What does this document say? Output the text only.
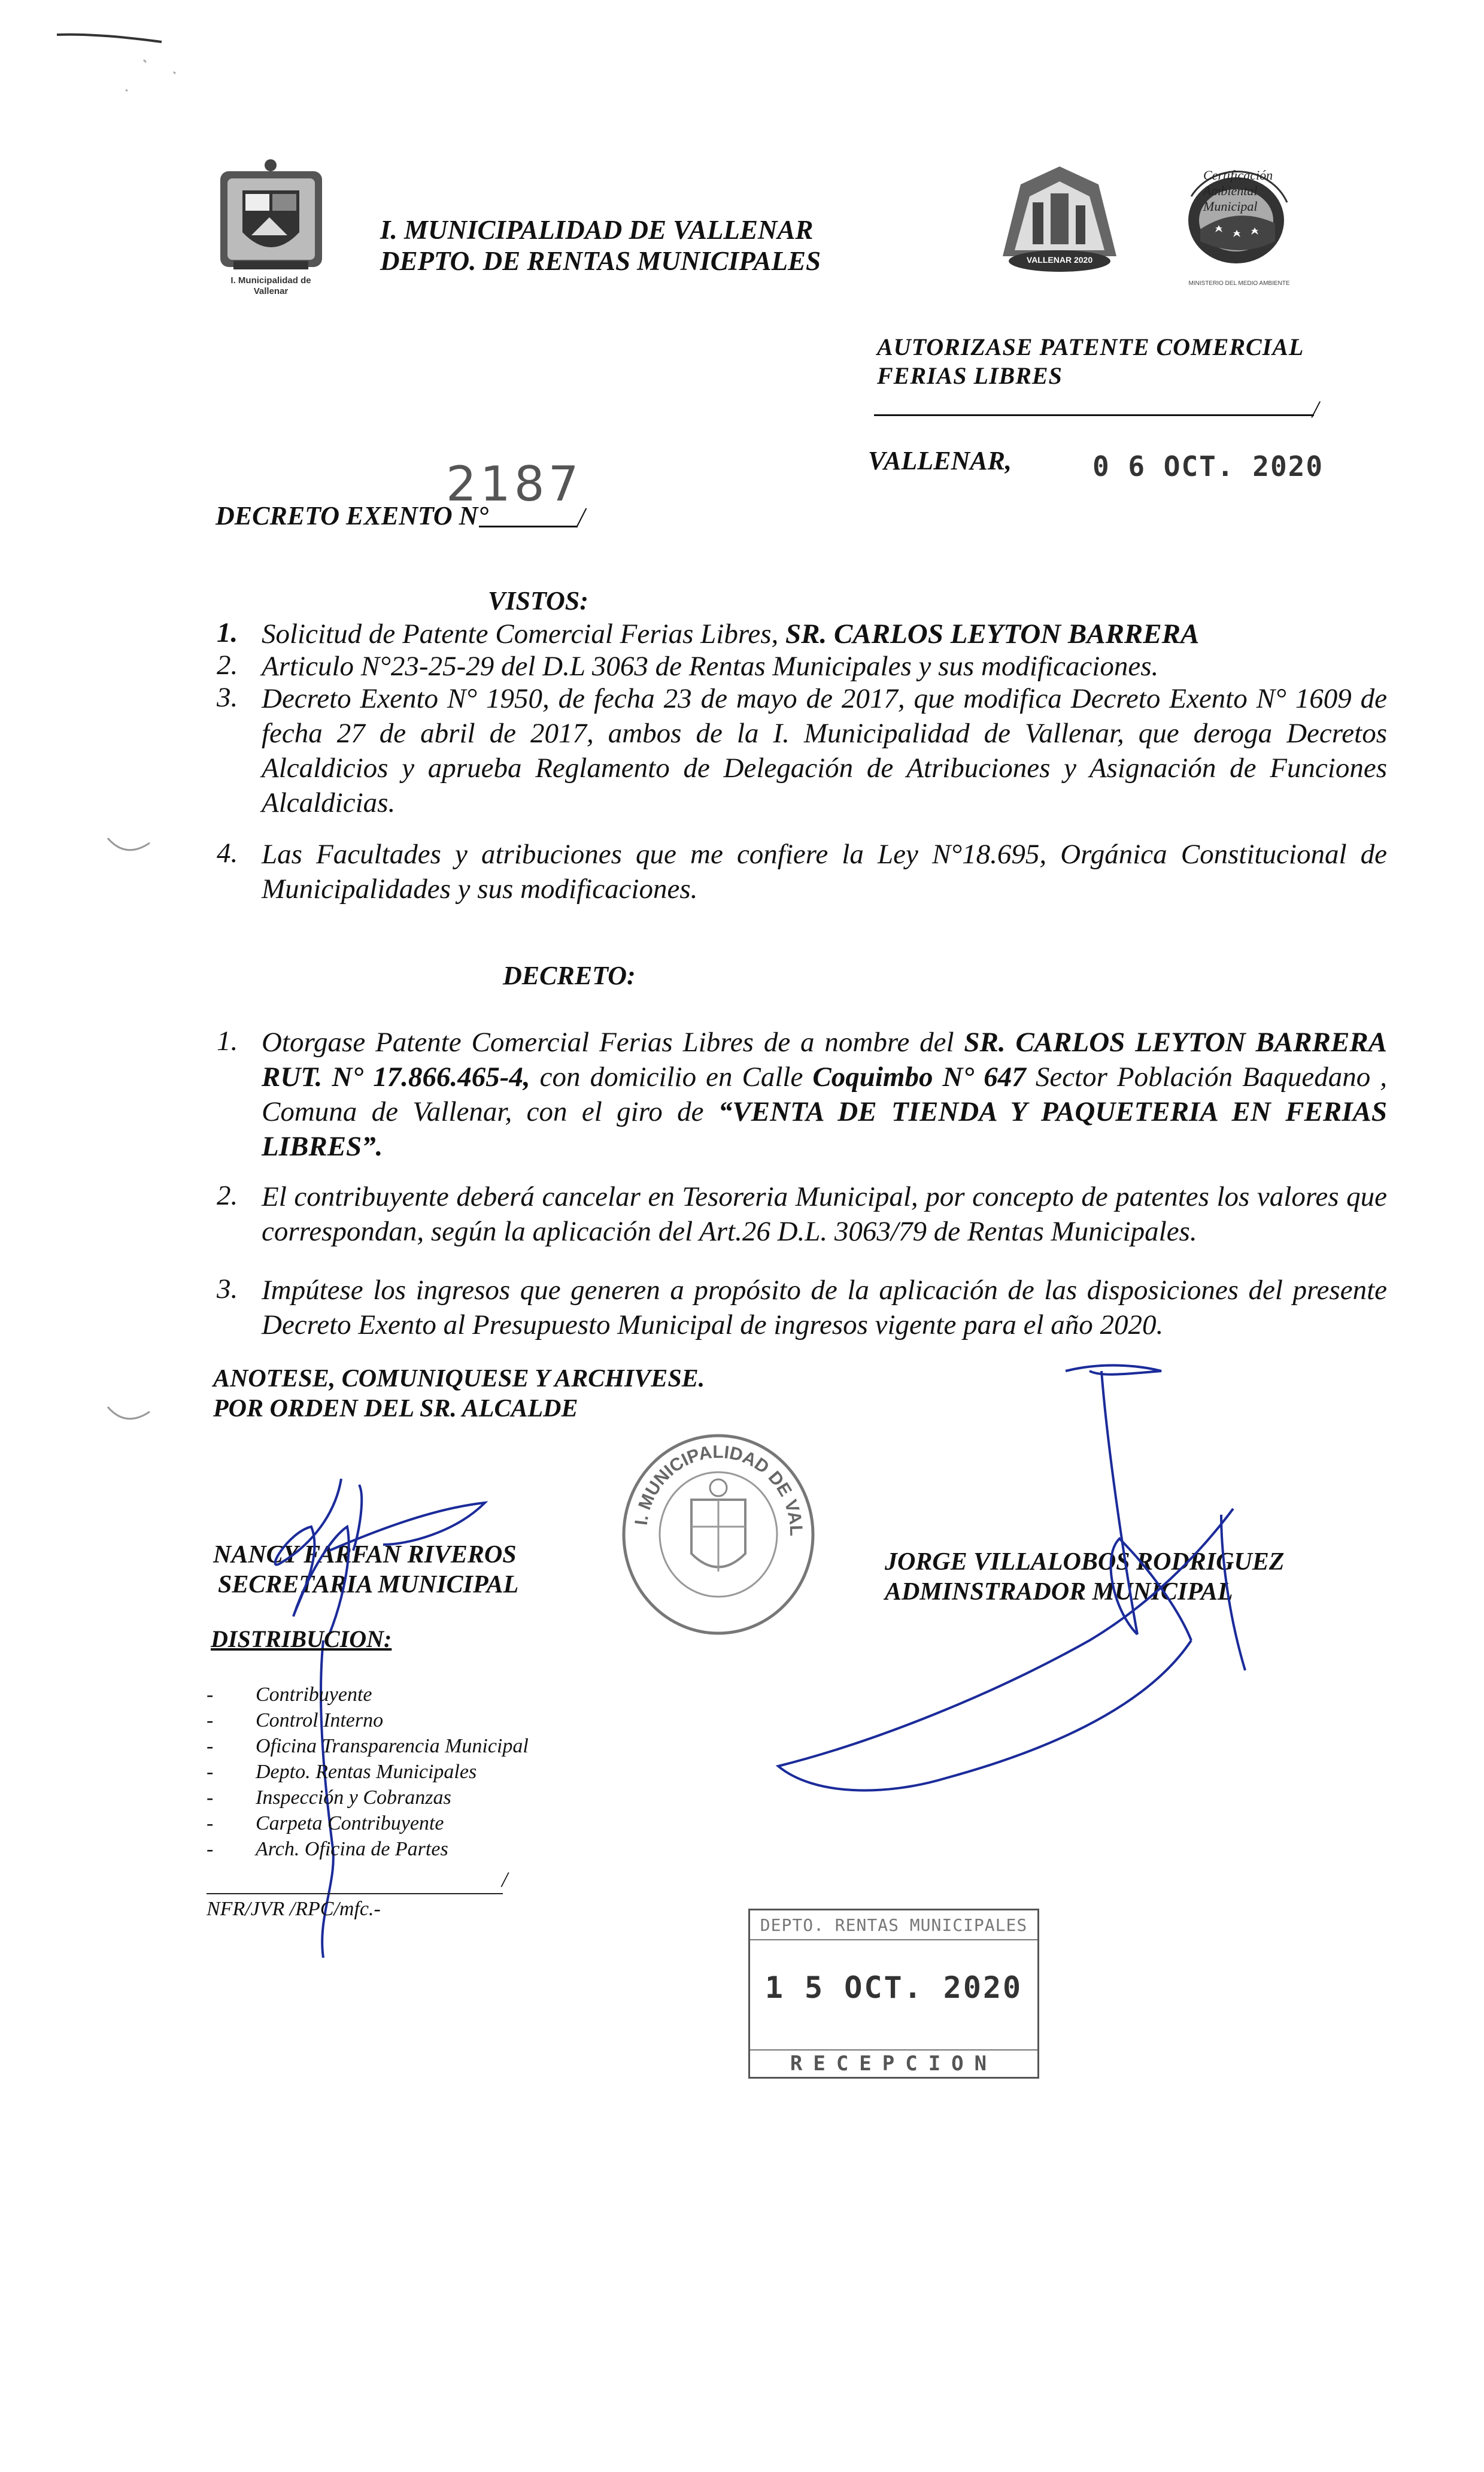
I. Municipalidad de
Vallenar
I. MUNICIPALIDAD DE VALLENAR
DEPTO. DE RENTAS MUNICIPALES	VALLENAR 2020
Certificación Ambiental Municipal
MINISTERIO DEL MEDIO AMBIENTE
AUTORIZASE PATENTE COMERCIAL
FERIAS LIBRES
/
VALLENAR,	0 6 OCT. 2020
2187
DECRETO EXENTO N°	/
VISTOS:
1. Solicitud de Patente Comercial Ferias Libres, SR. CARLOS LEYTON BARRERA
2. Articulo N°23-25-29 del D.L 3063 de Rentas Municipales y sus modificaciones.
3. Decreto Exento N° 1950, de fecha 23 de mayo de 2017, que modifica Decreto Exento N° 1609 de fecha 27 de abril de 2017, ambos de la I. Municipalidad de Vallenar, que deroga Decretos Alcaldicios y aprueba Reglamento de Delegación de Atribuciones y Asignación de Funciones Alcaldicias.
4. Las Facultades y atribuciones que me confiere la Ley N°18.695, Orgánica Constitucional de Municipalidades y sus modificaciones.
DECRETO:
1. Otorgase Patente Comercial Ferias Libres de a nombre del SR. CARLOS LEYTON BARRERA RUT. N° 17.866.465-4, con domicilio en Calle Coquimbo N° 647 Sector Población Baquedano , Comuna de Vallenar, con el giro de “VENTA DE TIENDA Y PAQUETERIA EN FERIAS LIBRES”.
2. El contribuyente deberá cancelar en Tesoreria Municipal, por concepto de patentes los valores que correspondan, según la aplicación del Art.26 D.L. 3063/79 de Rentas Municipales.
3. Impútese los ingresos que generen a propósito de la aplicación de las disposiciones del presente Decreto Exento al Presupuesto Municipal de ingresos vigente para el año 2020.
ANOTESE, COMUNIQUESE Y ARCHIVESE.
POR ORDEN DEL SR. ALCALDE
NANCY FARFAN RIVEROS
SECRETARIA MUNICIPAL
JORGE VILLALOBOS RODRIGUEZ
ADMINSTRADOR MUNICIPAL
I. MUNICIPALIDAD DE VAL
DISTRIBUCION:
- Contribuyente
- Control Interno
- Oficina Transparencia Municipal
- Depto. Rentas Municipales
- Inspección y Cobranzas
- Carpeta Contribuyente
- Arch. Oficina de Partes
/
NFR/JVR /RPC/mfc.-
DEPTO. RENTAS MUNICIPALES
1 5 OCT. 2020
RECEPCION
